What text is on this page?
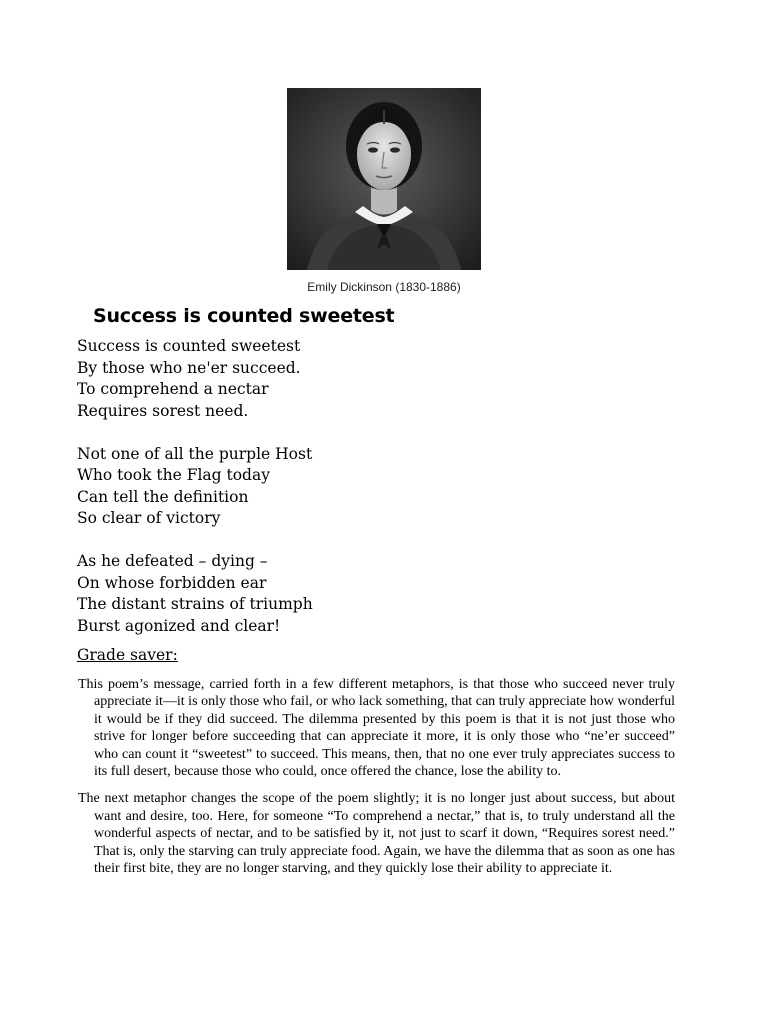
Emily Dickinson (1830-1886)
Success is counted sweetest
Success is counted sweetest
By those who ne'er succeed.
To comprehend a nectar
Requires sorest need.
Not one of all the purple Host
Who took the Flag today
Can tell the definition
So clear of victory
As he defeated – dying –
On whose forbidden ear
The distant strains of triumph
Burst agonized and clear!
Grade saver:

This poem’s message, carried forth in a few different metaphors, is that those who succeed never truly appreciate it—it is only those who fail, or who lack something, that can truly appreciate how wonderful it would be if they did succeed. The dilemma presented by this poem is that it is not just those who strive for longer before succeeding that can appreciate it more, it is only those who “ne’er succeed” who can count it “sweetest” to succeed. This means, then, that no one ever truly appreciates success to its full desert, because those who could, once offered the chance, lose the ability to.

The next metaphor changes the scope of the poem slightly; it is no longer just about success, but about want and desire, too. Here, for someone “To comprehend a nectar,” that is, to truly understand all the wonderful aspects of nectar, and to be satisfied by it, not just to scarf it down, “Requires sorest need.” That is, only the starving can truly appreciate food. Again, we have the dilemma that as soon as one has their first bite, they are no longer starving, and they quickly lose their ability to appreciate it.
